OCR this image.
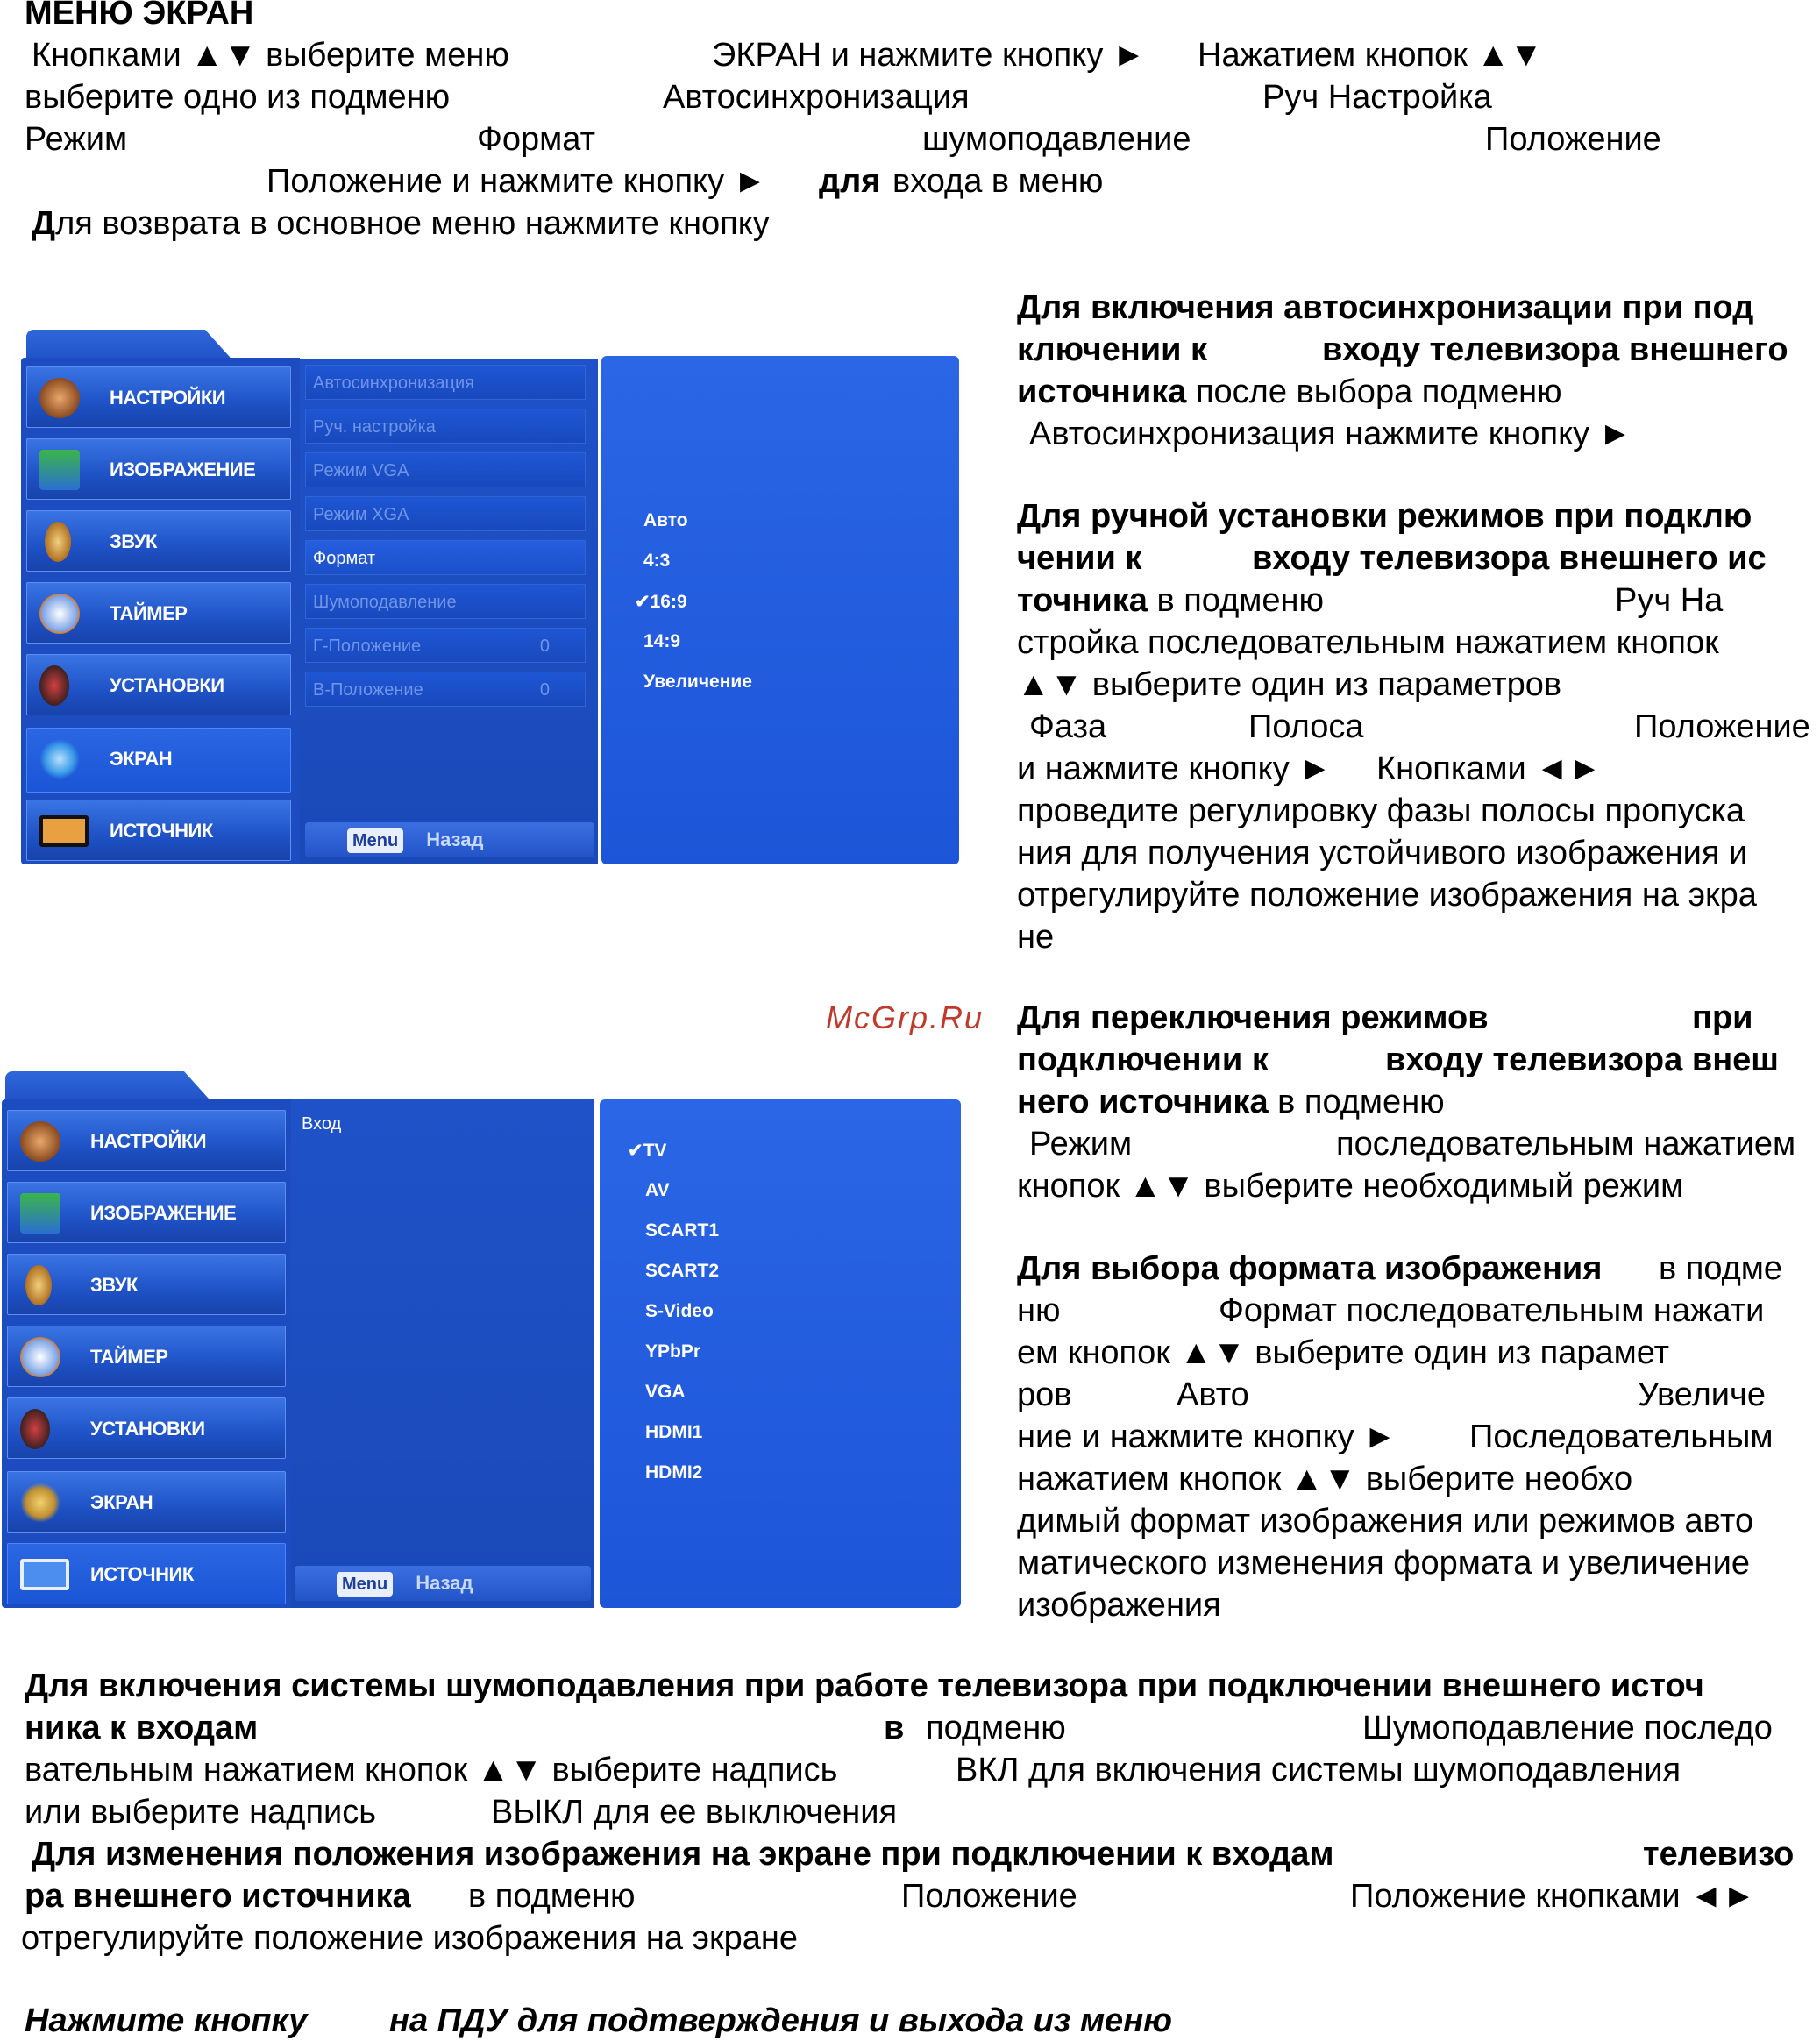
МЕНЮ ЭКРАН
Кнопками ▲▼ выберите меню	ЭКРАН и нажмите кнопку ► Нажатием кнопок ▲▼
выберите одно из подменю	Автосинхронизация	Руч Настройка
Режим	Формат	шумоподавление	Положение
Положение и нажмите кнопку ► для входа в меню
Для возврата в основное меню нажмите кнопку
НАСТРОЙКИ
ИЗОБРАЖЕНИЕ
ЗВУК
ТАЙМЕР
УСТАНОВКИ
ЭКРАН
ИСТОЧНИК
Автосинхронизация
Руч. настройка
Режим VGA
Режим XGA
Формат
Шумоподавление
Г-Положение	0
В-Положение	0
Menu Назад
Авто
4:3
✔16:9
14:9
Увеличение
Для включения автосинхронизации при под
ключении к	входу телевизора внешнего
источника после выбора подменю
Автосинхронизация нажмите кнопку ►
Для ручной установки режимов при подклю
чении к	входу телевизора внешнего ис
точника в подменю	Руч На
стройка последовательным нажатием кнопок
▲▼ выберите один из параметров
Фаза	Полоса	Положение
и нажмите кнопку ► Кнопками ◄►
проведите регулировку фазы полосы пропуска
ния для получения устойчивого изображения и
отрегулируйте положение изображения на экра
не
McGrp.Ru
НАСТРОЙКИ
ИЗОБРАЖЕНИЕ
ЗВУК
ТАЙМЕР
УСТАНОВКИ
ЭКРАН
ИСТОЧНИК
Вход
Menu Назад
✔TV
AV
SCART1
SCART2
S-Video
YPbPr
VGA
HDMI1
HDMI2
Для переключения режимов	при
подключении к	входу телевизора внеш
него источника в подменю
Режим	последовательным нажатием
кнопок ▲▼ выберите необходимый режим
Для выбора формата изображения в подме
ню	Формат последовательным нажати
ем кнопок ▲▼ выберите один из парамет
ров	Авто	Увеличе
ние и нажмите кнопку ► Последовательным
нажатием кнопок ▲▼ выберите необхо
димый формат изображения или режимов авто
матического изменения формата и увеличение
изображения
Для включения системы шумоподавления при работе телевизора при подключении внешнего источ
ника к входам	в подменю	Шумоподавление последо
вательным нажатием кнопок ▲▼ выберите надпись	ВКЛ для включения системы шумоподавления
или выберите надпись	ВЫКЛ для ее выключения
Для изменения положения изображения на экране при подключении к входам	телевизо
ра внешнего источника в подменю	Положение	Положение кнопками ◄►
отрегулируйте положение изображения на экране
Нажмите кнопку на ПДУ для подтверждения и выхода из меню
